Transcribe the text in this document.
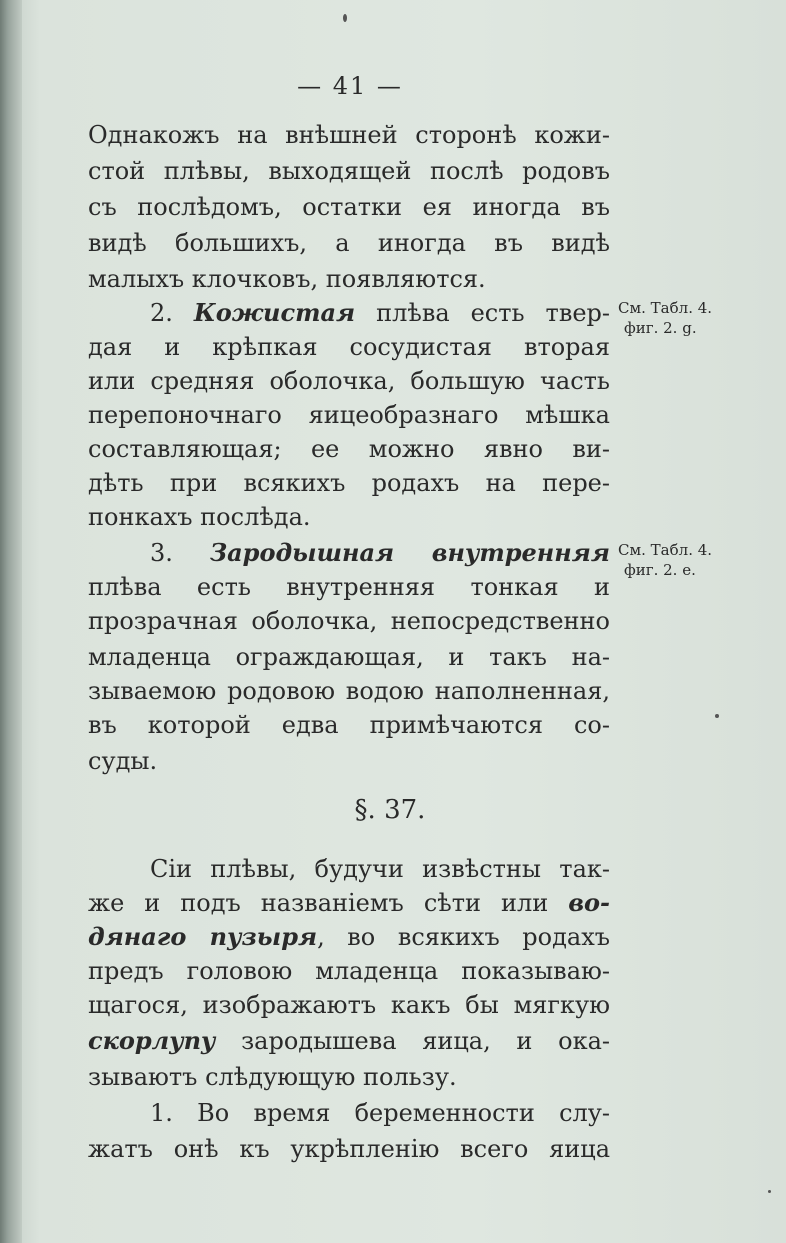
— 41 —
Однакожъ на внѣшней сторонѣ кожи-
стой плѣвы, выходящей послѣ родовъ
съ послѣдомъ, остатки ея иногда въ
видѣ большихъ, а иногда въ видѣ
малыхъ клочковъ, появляются.
2. Кожистая плѣва есть твер-
дая и крѣпкая сосудистая вторая
или средняя оболочка, большую часть
перепоночнаго яицеобразнаго мѣшка
составляющая; ее можно явно ви-
дѣть при всякихъ родахъ на пере-
понкахъ послѣда.
3. Зародышная внутренняя
плѣва есть внутренняя тонкая и
прозрачная оболочка, непосредственно
младенца ограждающая, и такъ на-
зываемою родовою водою наполненная,
въ которой едва примѣчаются со-
суды.
См. Табл. 4.
фиг. 2. g.
См. Табл. 4.
фиг. 2. e.
§. 37.
Сіи плѣвы, будучи извѣстны так-
же и подъ названіемъ сѣти или во-
дянаго пузыря, во всякихъ родахъ
предъ головою младенца показываю-
щагося, изображаютъ какъ бы мягкую
скорлупу зародышева яица, и ока-
зываютъ слѣдующую пользу.
1. Во время беременности слу-
жатъ онѣ къ укрѣпленію всего яица
